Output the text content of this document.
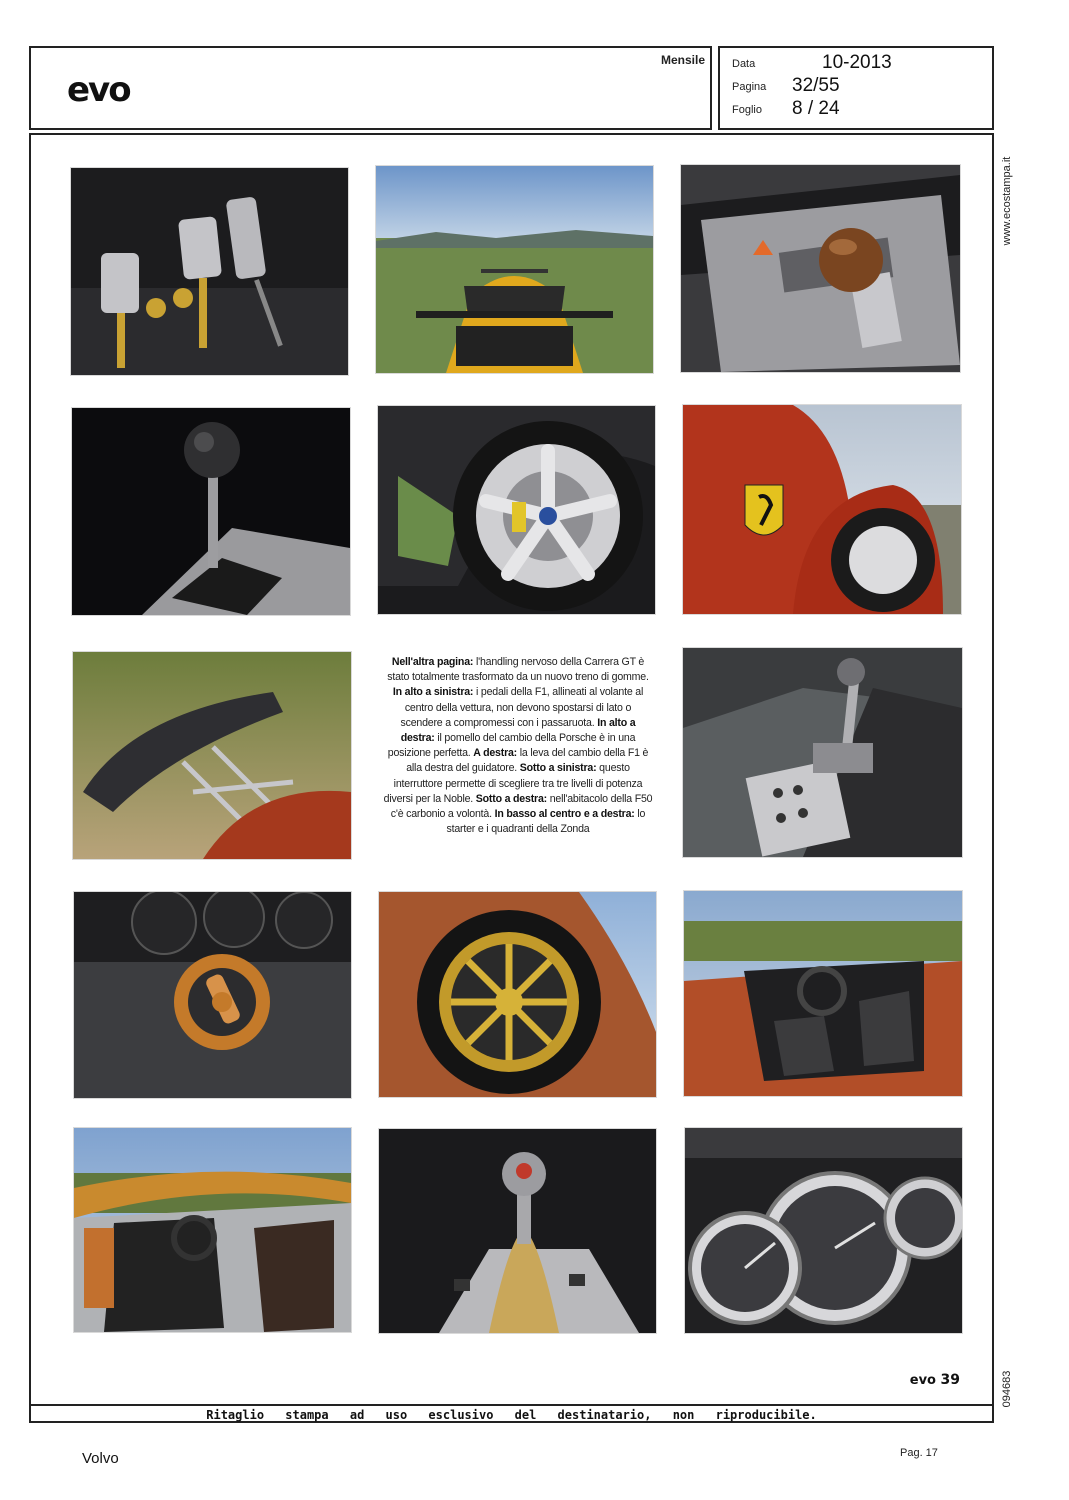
evo
Mensile Data	10-2013
Pagina 32/55
Foglio 8 / 24
www.ecostampa.it
Nell'altra pagina: l'handling nervoso della Carrera GT è stato totalmente trasformato da un nuovo treno di gomme. In alto a sinistra: i pedali della F1, allineati al volante al centro della vettura, non devono spostarsi di lato o scendere a compromessi con i passaruota. In alto a destra: il pomello del cambio della Porsche è in una posizione perfetta. A destra: la leva del cambio della F1 è alla destra del guidatore. Sotto a sinistra: questo interruttore permette di scegliere tra tre livelli di potenza diversi per la Noble. Sotto a destra: nell'abitacolo della F50 c'è carbonio a volontà. In basso al centro e a destra: lo starter e i quadranti della Zonda
evo 39
Ritaglio stampa ad uso esclusivo del destinatario, non riproducibile.
094683
Volvo	Pag. 17
